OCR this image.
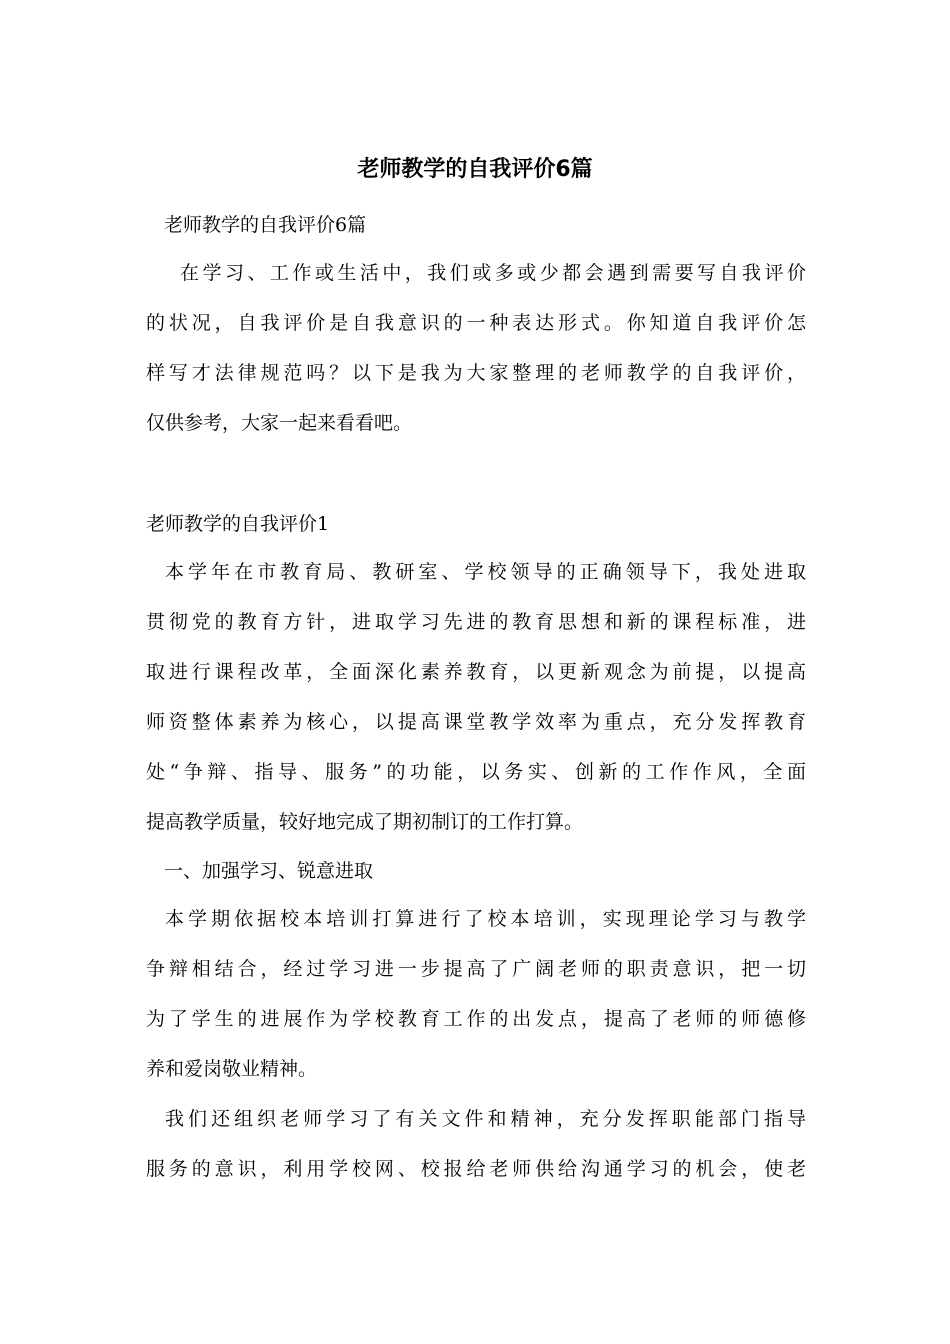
老师教学的自我评价6篇

老师教学的自我评价6篇

在学习、工作或生活中，我们或多或少都会遇到需要写自我评价
的状况，自我评价是自我意识的一种表达形式。你知道自我评价怎
样写才法律规范吗？以下是我为大家整理的老师教学的自我评价，
仅供参考，大家一起来看看吧。

老师教学的自我评价1

本学年在市教育局、教研室、学校领导的正确领导下，我处进取
贯彻党的教育方针，进取学习先进的教育思想和新的课程标准，进
取进行课程改革，全面深化素养教育，以更新观念为前提，以提高
师资整体素养为核心，以提高课堂教学效率为重点，充分发挥教育
处“争辩、指导、服务”的功能，以务实、创新的工作作风，全面
提高教学质量，较好地完成了期初制订的工作打算。

一、加强学习、锐意进取

本学期依据校本培训打算进行了校本培训，实现理论学习与教学
争辩相结合，经过学习进一步提高了广阔老师的职责意识，把一切
为了学生的进展作为学校教育工作的出发点，提高了老师的师德修
养和爱岗敬业精神。
我们还组织老师学习了有关文件和精神，充分发挥职能部门指导
服务的意识，利用学校网、校报给老师供给沟通学习的机会，使老
